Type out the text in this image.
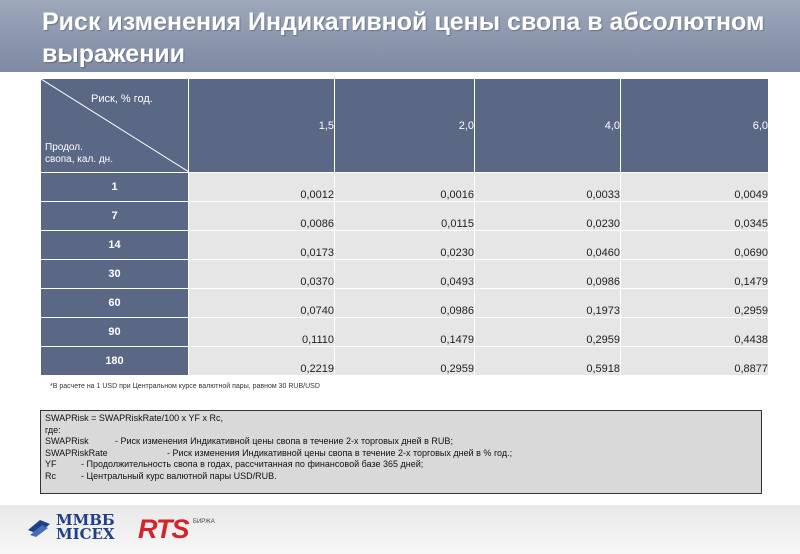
Риск изменения Индикативной цены свопа в абсолютном выражении
Риск, % год.
Продол.
свопа, кал. дн.	1,5	2,0	4,0	6,0
1	0,0012	0,0016	0,0033	0,0049
7	0,0086	0,0115	0,0230	0,0345
14	0,0173	0,0230	0,0460	0,0690
30	0,0370	0,0493	0,0986	0,1479
60	0,0740	0,0986	0,1973	0,2959
90	0,1110	0,1479	0,2959	0,4438
180	0,2219	0,2959	0,5918	0,8877
*В расчете на 1 USD при Центральном курсе валютной пары, равном 30 RUB/USD
SWAPRisk = SWAPRiskRate/100 x YF x Rc,
где:
SWAPRisk	- Риск изменения Индикативной цены свопа в течение 2-х торговых дней в RUB;
SWAPRiskRate	- Риск изменения Индикативной цены свопа в течение 2-х торговых дней в % год.;
YF	- Продолжительность свопа в годах, рассчитанная по финансовой базе 365 дней;
Rc	- Центральный курс валютной пары USD/RUB.
ММВБ
MICEX RTS БИРЖА
